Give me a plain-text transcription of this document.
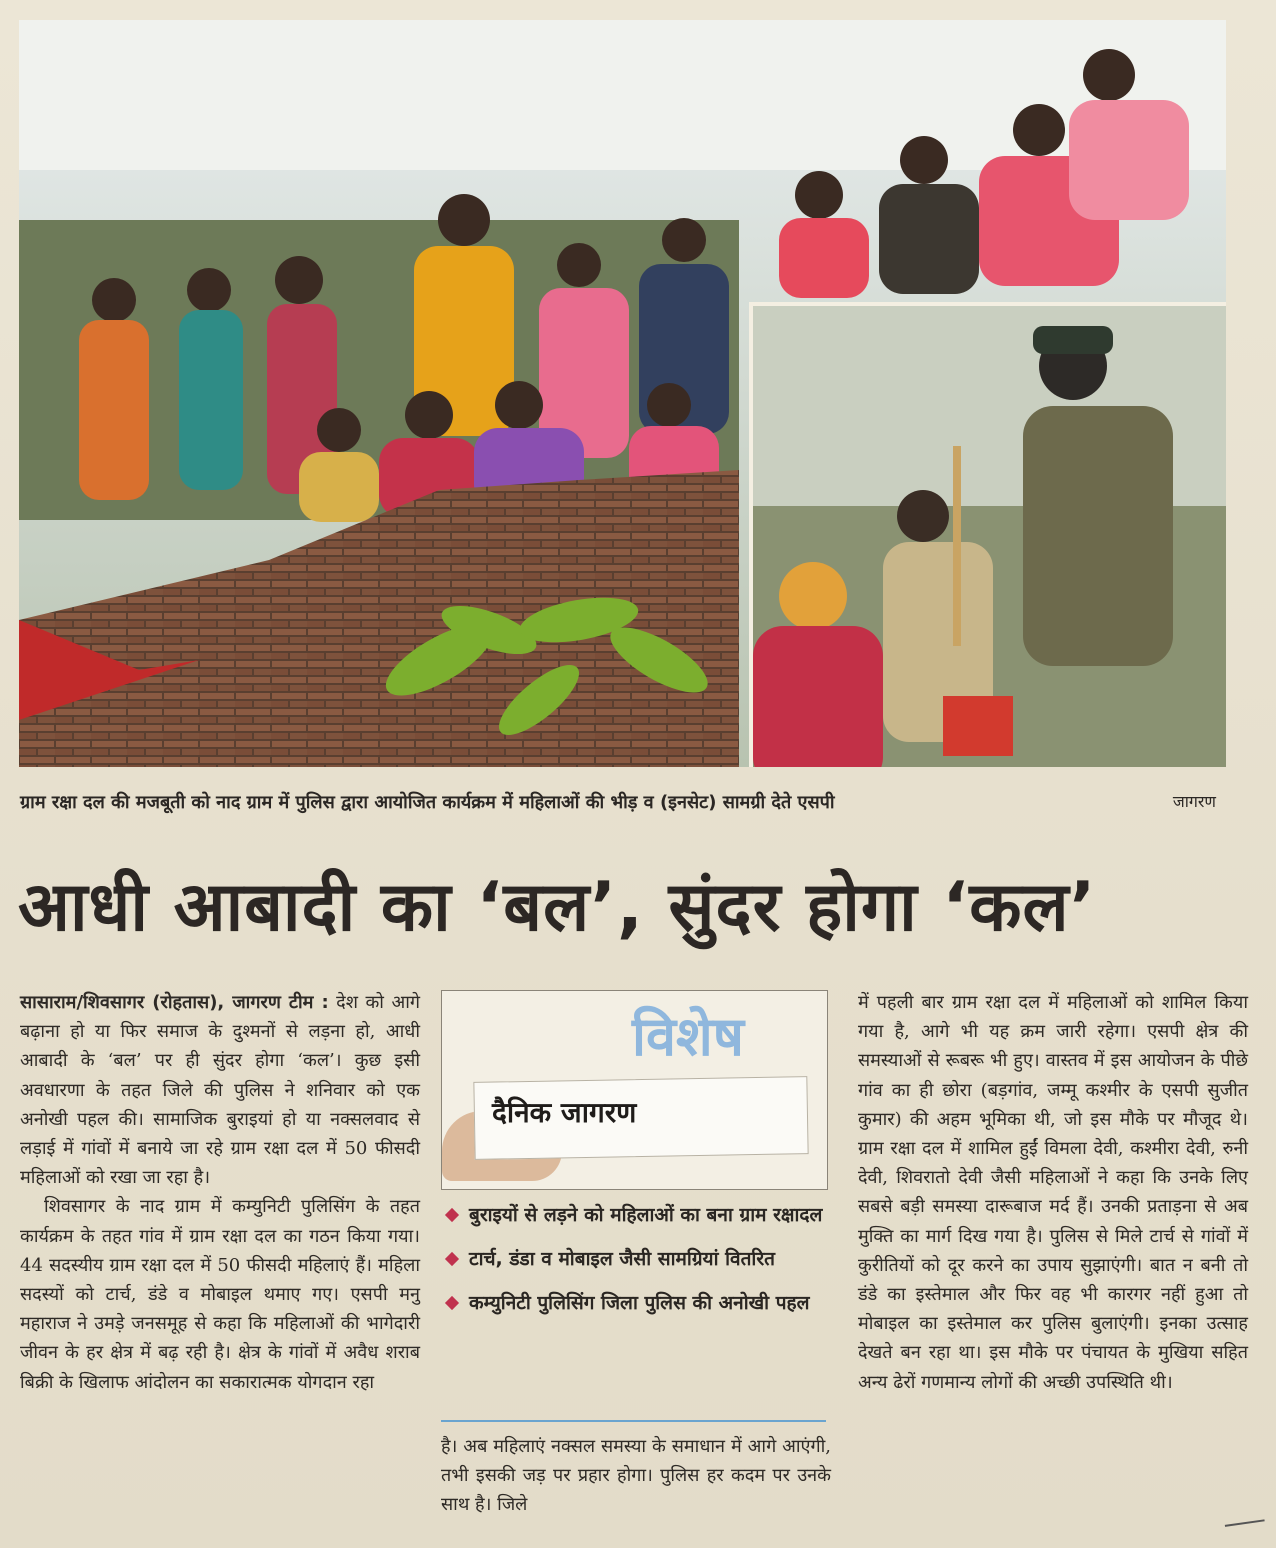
ग्राम रक्षा दल की मजबूती को नाद ग्राम में पुलिस द्वारा आयोजित कार्यक्रम में महिलाओं की भीड़ व (इनसेट) सामग्री देते एसपी	जागरण
आधी आबादी का ‘बल’, सुंदर होगा ‘कल’

सासाराम/शिवसागर (रोहतास), जागरण टीम : देश को आगे बढ़ाना हो या फिर समाज के दुश्मनों से लड़ना हो, आधी आबादी के ‘बल’ पर ही सुंदर होगा ‘कल’। कुछ इसी अवधारणा के तहत जिले की पुलिस ने शनिवार को एक अनोखी पहल की। सामाजिक बुराइयां हो या नक्सलवाद से लड़ाई में गांवों में बनाये जा रहे ग्राम रक्षा दल में 50 फीसदी महिलाओं को रखा जा रहा है।

शिवसागर के नाद ग्राम में कम्युनिटी पुलिसिंग के तहत कार्यक्रम के तहत गांव में ग्राम रक्षा दल का गठन किया गया। 44 सदस्यीय ग्राम रक्षा दल में 50 फीसदी महिलाएं हैं। महिला सदस्यों को टार्च, डंडे व मोबाइल थमाए गए। एसपी मनु महाराज ने उमड़े जनसमूह से कहा कि महिलाओं की भागेदारी जीवन के हर क्षेत्र में बढ़ रही है। क्षेत्र के गांवों में अवैध शराब बिक्री के खिलाफ आंदोलन का सकारात्मक योगदान रहा

विशेष
दैनिक जागरण
बुराइयों से लड़ने को महिलाओं का बना ग्राम रक्षादल
टार्च, डंडा व मोबाइल जैसी सामग्रियां वितरित
कम्युनिटी पुलिसिंग जिला पुलिस की अनोखी पहल

है। अब महिलाएं नक्सल समस्या के समाधान में आगे आएंगी, तभी इसकी जड़ पर प्रहार होगा। पुलिस हर कदम पर उनके साथ है। जिले

में पहली बार ग्राम रक्षा दल में महिलाओं को शामिल किया गया है, आगे भी यह क्रम जारी रहेगा। एसपी क्षेत्र की समस्याओं से रूबरू भी हुए। वास्तव में इस आयोजन के पीछे गांव का ही छोरा (बड़गांव, जम्मू कश्मीर के एसपी सुजीत कुमार) की अहम भूमिका थी, जो इस मौके पर मौजूद थे। ग्राम रक्षा दल में शामिल हुईं विमला देवी, कश्मीरा देवी, रुनी देवी, शिवरातो देवी जैसी महिलाओं ने कहा कि उनके लिए सबसे बड़ी समस्या दारूबाज मर्द हैं। उनकी प्रताड़ना से अब मुक्ति का मार्ग दिख गया है। पुलिस से मिले टार्च से गांवों में कुरीतियों को दूर करने का उपाय सुझाएंगी। बात न बनी तो डंडे का इस्तेमाल और फिर वह भी कारगर नहीं हुआ तो मोबाइल का इस्तेमाल कर पुलिस बुलाएंगी। इनका उत्साह देखते बन रहा था। इस मौके पर पंचायत के मुखिया सहित अन्य ढेरों गणमान्य लोगों की अच्छी उपस्थिति थी।
